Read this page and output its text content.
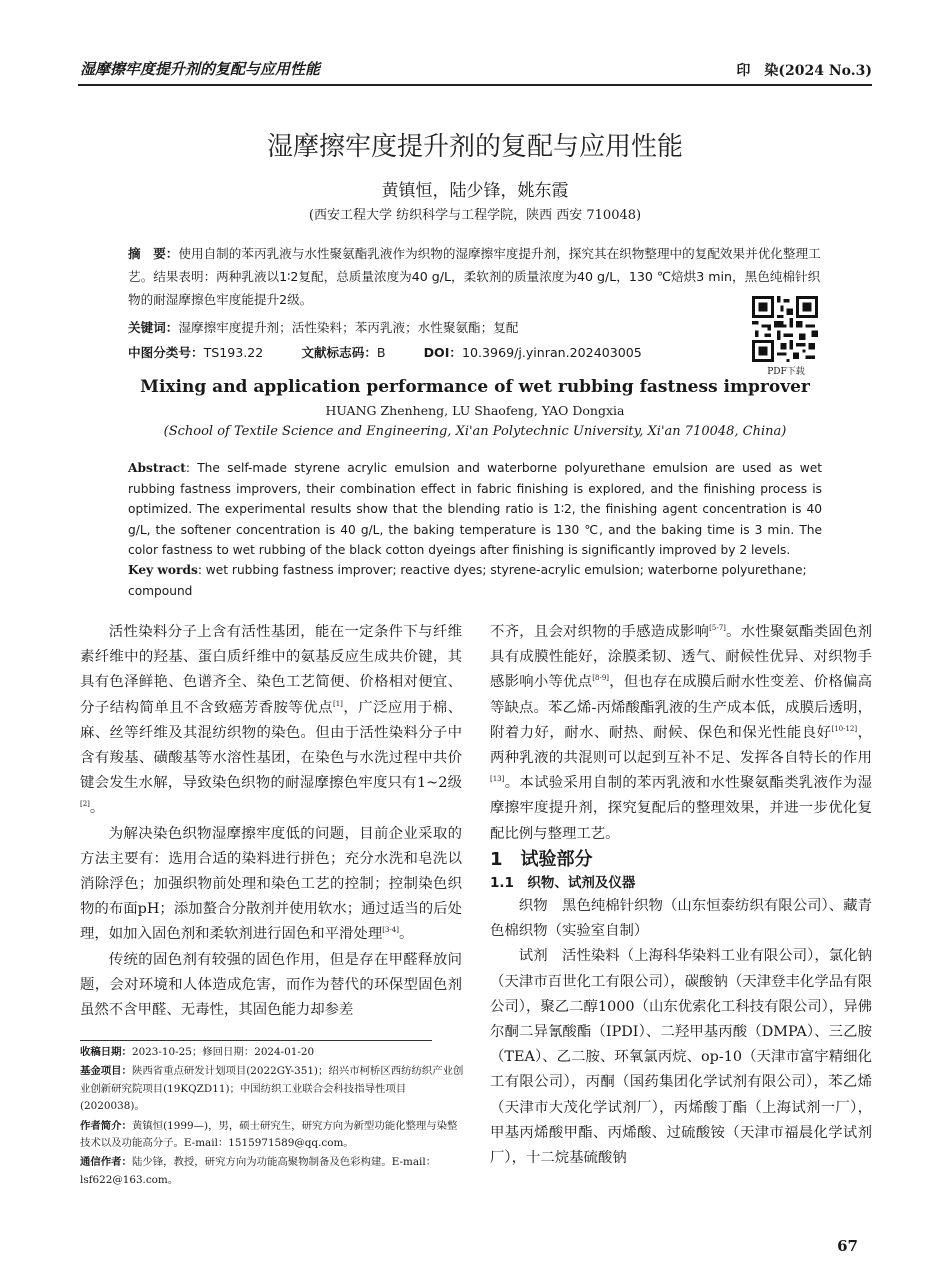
湿摩擦牢度提升剂的复配与应用性能	印　染(2024 No.3)
湿摩擦牢度提升剂的复配与应用性能
黄镇恒，陆少锋，姚东霞
(西安工程大学 纺织科学与工程学院，陕西 西安 710048)
摘　要：使用自制的苯丙乳液与水性聚氨酯乳液作为织物的湿摩擦牢度提升剂，探究其在织物整理中的复配效果并优化整理工艺。结果表明：两种乳液以1∶2复配，总质量浓度为40 g/L，柔软剂的质量浓度为40 g/L，130 ℃焙烘3 min，黑色纯棉针织物的耐湿摩擦色牢度能提升2级。
关键词：湿摩擦牢度提升剂；活性染料；苯丙乳液；水性聚氨酯；复配
中图分类号：TS193.22	文献标志码：B	DOI：10.3969/j.yinran.202403005
PDF下载
Mixing and application performance of wet rubbing fastness improver
HUANG Zhenheng, LU Shaofeng, YAO Dongxia
(School of Textile Science and Engineering, Xi'an Polytechnic University, Xi'an 710048, China)
Abstract: The self-made styrene acrylic emulsion and waterborne polyurethane emulsion are used as wet rubbing fastness improvers, their combination effect in fabric finishing is explored, and the finishing process is optimized. The experimental results show that the blending ratio is 1∶2, the finishing agent concentration is 40 g/L, the softener concentration is 40 g/L, the baking temperature is 130 ℃, and the baking time is 3 min. The color fastness to wet rubbing of the black cotton dyeings after finishing is significantly improved by 2 levels.
Key words: wet rubbing fastness improver; reactive dyes; styrene-acrylic emulsion; waterborne polyurethane; compound

活性染料分子上含有活性基团，能在一定条件下与纤维素纤维中的羟基、蛋白质纤维中的氨基反应生成共价键，其具有色泽鲜艳、色谱齐全、染色工艺简便、价格相对便宜、分子结构简单且不含致癌芳香胺等优点[1]，广泛应用于棉、麻、丝等纤维及其混纺织物的染色。但由于活性染料分子中含有羧基、磺酸基等水溶性基团，在染色与水洗过程中共价键会发生水解，导致染色织物的耐湿摩擦色牢度只有1~2级[2]。

为解决染色织物湿摩擦牢度低的问题，目前企业采取的方法主要有：选用合适的染料进行拼色；充分水洗和皂洗以消除浮色；加强织物前处理和染色工艺的控制；控制染色织物的布面pH；添加螯合分散剂并使用软水；通过适当的后处理，如加入固色剂和柔软剂进行固色和平滑处理[3-4]。

传统的固色剂有较强的固色作用，但是存在甲醛释放问题，会对环境和人体造成危害，而作为替代的环保型固色剂虽然不含甲醛、无毒性，其固色能力却参差

不齐，且会对织物的手感造成影响[5-7]。水性聚氨酯类固色剂具有成膜性能好，涂膜柔韧、透气、耐候性优异、对织物手感影响小等优点[8-9]，但也存在成膜后耐水性变差、价格偏高等缺点。苯乙烯-丙烯酸酯乳液的生产成本低，成膜后透明，附着力好，耐水、耐热、耐候、保色和保光性能良好[10-12]，两种乳液的共混则可以起到互补不足、发挥各自特长的作用[13]。本试验采用自制的苯丙乳液和水性聚氨酯类乳液作为湿摩擦牢度提升剂，探究复配后的整理效果，并进一步优化复配比例与整理工艺。

1　试验部分

1.1　织物、试剂及仪器

织物　黑色纯棉针织物（山东恒泰纺织有限公司）、藏青色棉织物（实验室自制）

试剂　活性染料（上海科华染料工业有限公司），氯化钠（天津市百世化工有限公司），碳酸钠（天津登丰化学品有限公司），聚乙二醇1000（山东优索化工科技有限公司），异佛尔酮二异氰酸酯（IPDI）、二羟甲基丙酸（DMPA）、三乙胺（TEA）、乙二胺、环氧氯丙烷、op-10（天津市富宇精细化工有限公司），丙酮（国药集团化学试剂有限公司），苯乙烯（天津市大茂化学试剂厂），丙烯酸丁酯（上海试剂一厂），甲基丙烯酸甲酯、丙烯酸、过硫酸铵（天津市福晨化学试剂厂），十二烷基硫酸钠

收稿日期：2023-10-25；修回日期：2024-01-20

基金项目：陕西省重点研发计划项目(2022GY-351)；绍兴市柯桥区西纺纺织产业创业创新研究院项目(19KQZD11)；中国纺织工业联合会科技指导性项目(2020038)。

作者简介：黄镇恒(1999—)，男，硕士研究生，研究方向为新型功能化整理与染整技术以及功能高分子。E-mail：1515971589@qq.com。

通信作者：陆少锋，教授，研究方向为功能高聚物制备及色彩构建。E-mail：lsf622@163.com。

67
